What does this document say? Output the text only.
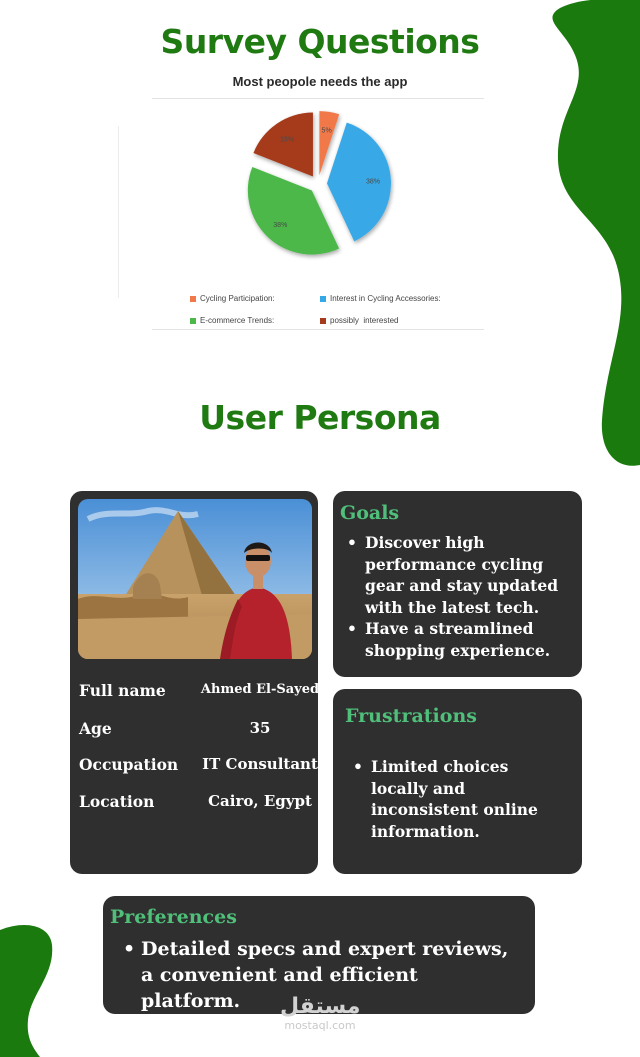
Survey Questions
Most peopole needs the app
5%
38%
38%
19%
Cycling Participation:	Interest in Cycling Accessories:
E-commerce Trends:	possibly  interested
User Persona
Full name	Ahmed El-Sayed
Age	35
Occupation IT Consultant
Location	Cairo, Egypt
Goals
• Discover high performance cycling gear and stay updated with the latest tech.
• Have a streamlined shopping experience.
Frustrations
• Limited choices locally and inconsistent online information.
Preferences
• Detailed specs and expert reviews, a convenient and efficient platform.	مستقل
mostaql.com
